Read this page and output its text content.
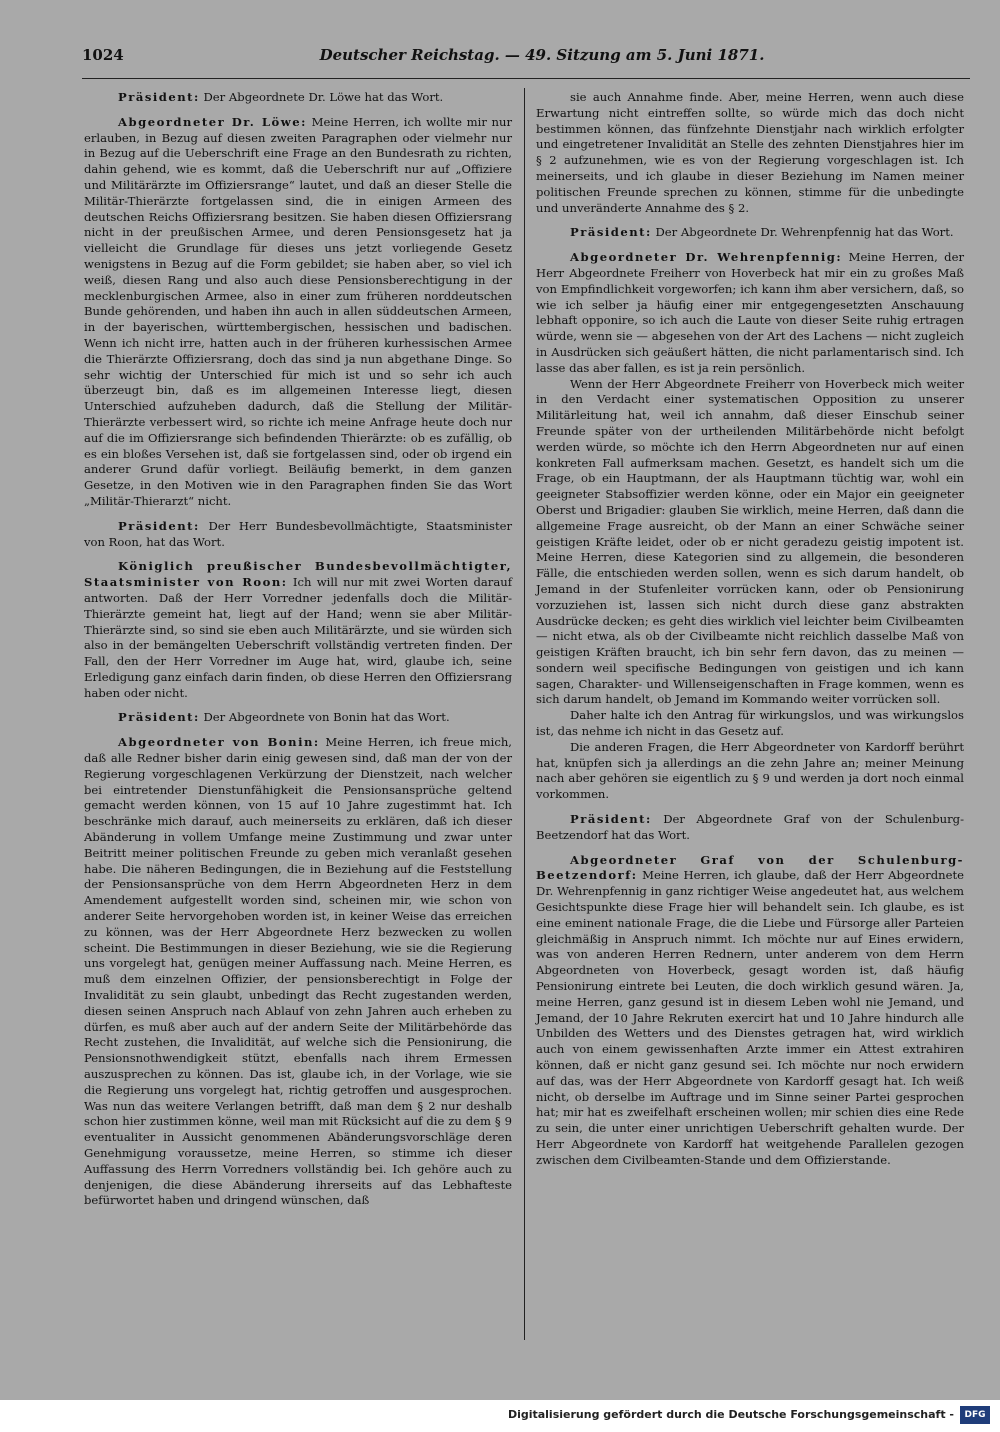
1024	Deutscher Reichstag. — 49. Sitzung am 5. Juni 1871.

Präsident: Der Abgeordnete Dr. Löwe hat das Wort.

Abgeordneter Dr. Löwe: Meine Herren, ich wollte mir nur erlauben, in Bezug auf diesen zweiten Paragraphen oder vielmehr nur in Bezug auf die Ueberschrift eine Frage an den Bundesrath zu richten, dahin gehend, wie es kommt, daß die Ueberschrift nur auf „Offiziere und Militärärzte im Offiziersrange“ lautet, und daß an dieser Stelle die Militär-Thierärzte fortgelassen sind, die in einigen Armeen des deutschen Reichs Offiziersrang besitzen. Sie haben diesen Offiziersrang nicht in der preußischen Armee, und deren Pensionsgesetz hat ja vielleicht die Grundlage für dieses uns jetzt vorliegende Gesetz wenigstens in Bezug auf die Form gebildet; sie haben aber, so viel ich weiß, diesen Rang und also auch diese Pensionsberechtigung in der mecklenburgischen Armee, also in einer zum früheren norddeutschen Bunde gehörenden, und haben ihn auch in allen süddeutschen Armeen, in der bayerischen, württembergischen, hessischen und badischen. Wenn ich nicht irre, hatten auch in der früheren kurhessischen Armee die Thierärzte Offiziersrang, doch das sind ja nun abgethane Dinge. So sehr wichtig der Unterschied für mich ist und so sehr ich auch überzeugt bin, daß es im allgemeinen Interesse liegt, diesen Unterschied aufzuheben dadurch, daß die Stellung der Militär-Thierärzte verbessert wird, so richte ich meine Anfrage heute doch nur auf die im Offiziersrange sich befindenden Thierärzte: ob es zufällig, ob es ein bloßes Versehen ist, daß sie fortgelassen sind, oder ob irgend ein anderer Grund dafür vorliegt. Beiläufig bemerkt, in dem ganzen Gesetze, in den Motiven wie in den Paragraphen finden Sie das Wort „Militär-Thierarzt“ nicht.

Präsident: Der Herr Bundesbevollmächtigte, Staatsminister von Roon, hat das Wort.

Königlich preußischer Bundesbevollmächtigter, Staatsminister von Roon: Ich will nur mit zwei Worten darauf antworten. Daß der Herr Vorredner jedenfalls doch die Militär-Thierärzte gemeint hat, liegt auf der Hand; wenn sie aber Militär-Thierärzte sind, so sind sie eben auch Militärärzte, und sie würden sich also in der bemängelten Ueberschrift vollständig vertreten finden. Der Fall, den der Herr Vorredner im Auge hat, wird, glaube ich, seine Erledigung ganz einfach darin finden, ob diese Herren den Offiziersrang haben oder nicht.

Präsident: Der Abgeordnete von Bonin hat das Wort.

Abgeordneter von Bonin: Meine Herren, ich freue mich, daß alle Redner bisher darin einig gewesen sind, daß man der von der Regierung vorgeschlagenen Verkürzung der Dienstzeit, nach welcher bei eintretender Dienstunfähigkeit die Pensionsansprüche geltend gemacht werden können, von 15 auf 10 Jahre zugestimmt hat. Ich beschränke mich darauf, auch meinerseits zu erklären, daß ich dieser Abänderung in vollem Umfange meine Zustimmung und zwar unter Beitritt meiner politischen Freunde zu geben mich veranlaßt gesehen habe. Die näheren Bedingungen, die in Beziehung auf die Feststellung der Pensionsansprüche von dem Herrn Abgeordneten Herz in dem Amendement aufgestellt worden sind, scheinen mir, wie schon von anderer Seite hervorgehoben worden ist, in keiner Weise das erreichen zu können, was der Herr Abgeordnete Herz bezwecken zu wollen scheint. Die Bestimmungen in dieser Beziehung, wie sie die Regierung uns vorgelegt hat, genügen meiner Auffassung nach. Meine Herren, es muß dem einzelnen Offizier, der pensionsberechtigt in Folge der Invalidität zu sein glaubt, unbedingt das Recht zugestanden werden, diesen seinen Anspruch nach Ablauf von zehn Jahren auch erheben zu dürfen, es muß aber auch auf der andern Seite der Militärbehörde das Recht zustehen, die Invalidität, auf welche sich die Pensionirung, die Pensionsnothwendigkeit stützt, ebenfalls nach ihrem Ermessen auszusprechen zu können. Das ist, glaube ich, in der Vorlage, wie sie die Regierung uns vorgelegt hat, richtig getroffen und ausgesprochen. Was nun das weitere Verlangen betrifft, daß man dem § 2 nur deshalb schon hier zustimmen könne, weil man mit Rücksicht auf die zu dem § 9 eventualiter in Aussicht genommenen Abänderungsvorschläge deren Genehmigung voraussetze, meine Herren, so stimme ich dieser Auffassung des Herrn Vorredners vollständig bei. Ich gehöre auch zu denjenigen, die diese Abänderung ihrerseits auf das Lebhafteste befürwortet haben und dringend wünschen, daß

sie auch Annahme finde. Aber, meine Herren, wenn auch diese Erwartung nicht eintreffen sollte, so würde mich das doch nicht bestimmen können, das fünfzehnte Dienstjahr nach wirklich erfolgter und eingetretener Invalidität an Stelle des zehnten Dienstjahres hier im § 2 aufzunehmen, wie es von der Regierung vorgeschlagen ist. Ich meinerseits, und ich glaube in dieser Beziehung im Namen meiner politischen Freunde sprechen zu können, stimme für die unbedingte und unveränderte Annahme des § 2.

Präsident: Der Abgeordnete Dr. Wehrenpfennig hat das Wort.

Abgeordneter Dr. Wehrenpfennig: Meine Herren, der Herr Abgeordnete Freiherr von Hoverbeck hat mir ein zu großes Maß von Empfindlichkeit vorgeworfen; ich kann ihm aber versichern, daß, so wie ich selber ja häufig einer mir entgegengesetzten Anschauung lebhaft opponire, so ich auch die Laute von dieser Seite ruhig ertragen würde, wenn sie — abgesehen von der Art des Lachens — nicht zugleich in Ausdrücken sich geäußert hätten, die nicht parlamentarisch sind. Ich lasse das aber fallen, es ist ja rein persönlich.

Wenn der Herr Abgeordnete Freiherr von Hoverbeck mich weiter in den Verdacht einer systematischen Opposition zu unserer Militärleitung hat, weil ich annahm, daß dieser Einschub seiner Freunde später von der urtheilenden Militärbehörde nicht befolgt werden würde, so möchte ich den Herrn Abgeordneten nur auf einen konkreten Fall aufmerksam machen. Gesetzt, es handelt sich um die Frage, ob ein Hauptmann, der als Hauptmann tüchtig war, wohl ein geeigneter Stabsoffizier werden könne, oder ein Major ein geeigneter Oberst und Brigadier: glauben Sie wirklich, meine Herren, daß dann die allgemeine Frage ausreicht, ob der Mann an einer Schwäche seiner geistigen Kräfte leidet, oder ob er nicht geradezu geistig impotent ist. Meine Herren, diese Kategorien sind zu allgemein, die besonderen Fälle, die entschieden werden sollen, wenn es sich darum handelt, ob Jemand in der Stufenleiter vorrücken kann, oder ob Pensionirung vorzuziehen ist, lassen sich nicht durch diese ganz abstrakten Ausdrücke decken; es geht dies wirklich viel leichter beim Civilbeamten — nicht etwa, als ob der Civilbeamte nicht reichlich dasselbe Maß von geistigen Kräften braucht, ich bin sehr fern davon, das zu meinen — sondern weil specifische Bedingungen von geistigen und ich kann sagen, Charakter- und Willenseigenschaften in Frage kommen, wenn es sich darum handelt, ob Jemand im Kommando weiter vorrücken soll.

Daher halte ich den Antrag für wirkungslos, und was wirkungslos ist, das nehme ich nicht in das Gesetz auf.

Die anderen Fragen, die Herr Abgeordneter von Kardorff berührt hat, knüpfen sich ja allerdings an die zehn Jahre an; meiner Meinung nach aber gehören sie eigentlich zu § 9 und werden ja dort noch einmal vorkommen.

Präsident: Der Abgeordnete Graf von der Schulenburg-Beetzendorf hat das Wort.

Abgeordneter Graf von der Schulenburg-Beetzendorf: Meine Herren, ich glaube, daß der Herr Abgeordnete Dr. Wehrenpfennig in ganz richtiger Weise angedeutet hat, aus welchem Gesichtspunkte diese Frage hier will behandelt sein. Ich glaube, es ist eine eminent nationale Frage, die die Liebe und Fürsorge aller Parteien gleichmäßig in Anspruch nimmt. Ich möchte nur auf Eines erwidern, was von anderen Herren Rednern, unter anderem von dem Herrn Abgeordneten von Hoverbeck, gesagt worden ist, daß häufig Pensionirung eintrete bei Leuten, die doch wirklich gesund wären. Ja, meine Herren, ganz gesund ist in diesem Leben wohl nie Jemand, und Jemand, der 10 Jahre Rekruten exercirt hat und 10 Jahre hindurch alle Unbilden des Wetters und des Dienstes getragen hat, wird wirklich auch von einem gewissenhaften Arzte immer ein Attest extrahiren können, daß er nicht ganz gesund sei. Ich möchte nur noch erwidern auf das, was der Herr Abgeordnete von Kardorff gesagt hat. Ich weiß nicht, ob derselbe im Auftrage und im Sinne seiner Partei gesprochen hat; mir hat es zweifelhaft erscheinen wollen; mir schien dies eine Rede zu sein, die unter einer unrichtigen Ueberschrift gehalten wurde. Der Herr Abgeordnete von Kardorff hat weitgehende Parallelen gezogen zwischen dem Civilbeamten-Stande und dem Offizierstande.

Digitalisierung gefördert durch die Deutsche Forschungsgemeinschaft -	DFG
